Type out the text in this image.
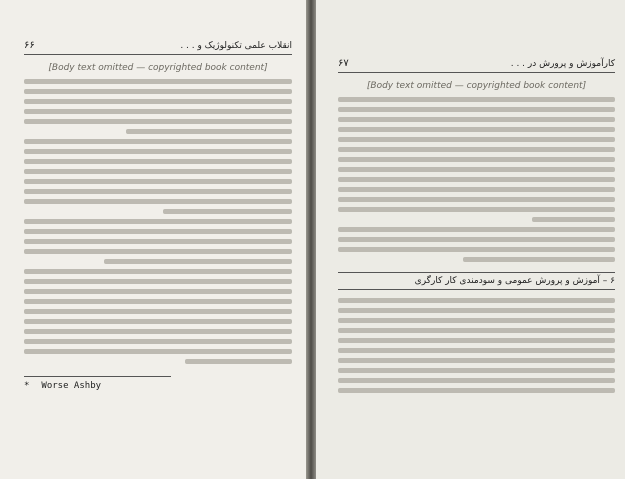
انقلاب علمی تکنولوژیک و . . .
۶۶
[Body text omitted — copyrighted book content]
* Worse Ashby
کارآموزش و پرورش در . . .
۶۷
[Body text omitted — copyrighted book content]
۶ – آموزش و پرورش عمومی و سودمندی کار کارگری
